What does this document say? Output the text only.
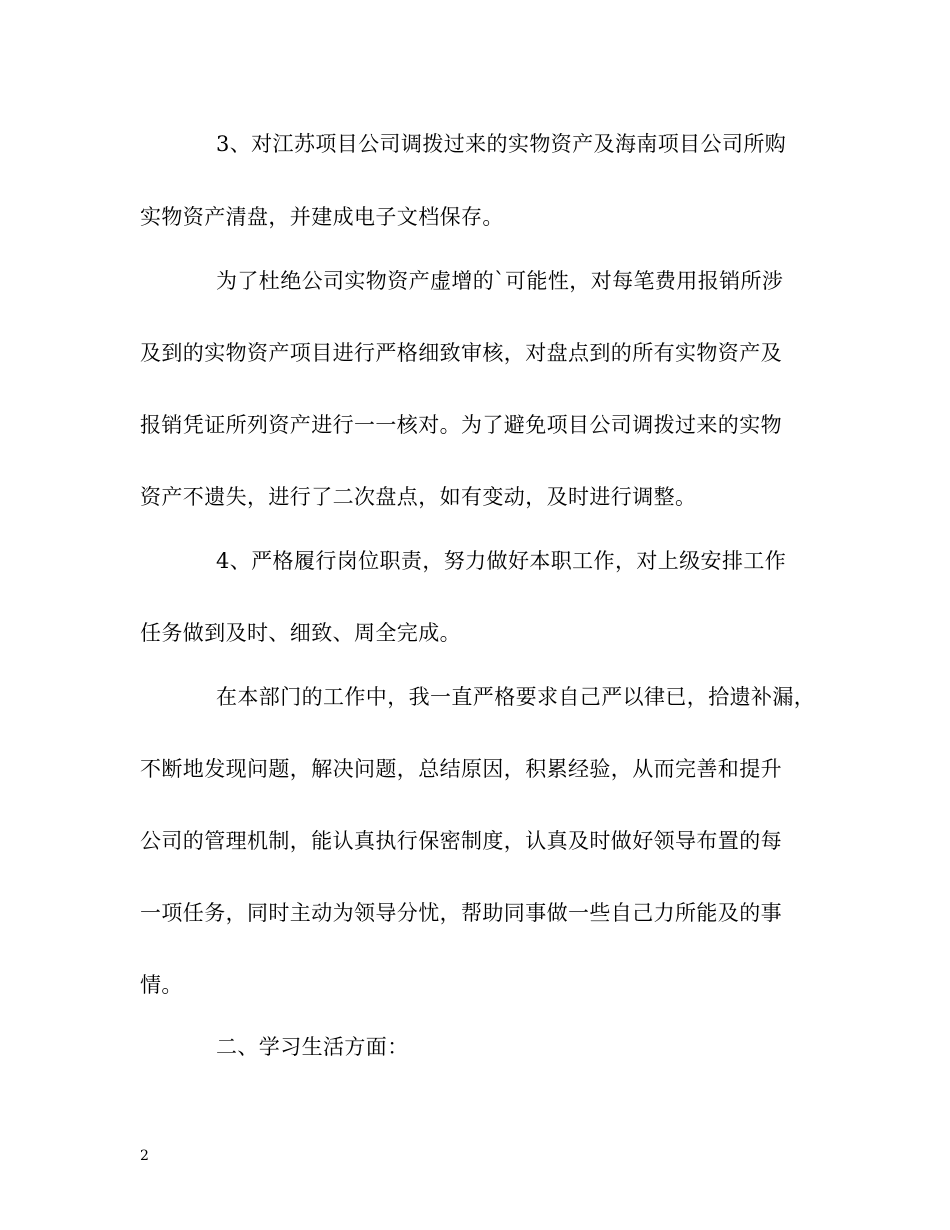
3、对江苏项目公司调拨过来的实物资产及海南项目公司所购
实物资产清盘，并建成电子文档保存。
为了杜绝公司实物资产虚增的`可能性，对每笔费用报销所涉
及到的实物资产项目进行严格细致审核，对盘点到的所有实物资产及
报销凭证所列资产进行一一核对。为了避免项目公司调拨过来的实物
资产不遗失，进行了二次盘点，如有变动，及时进行调整。
4、严格履行岗位职责，努力做好本职工作，对上级安排工作
任务做到及时、细致、周全完成。
在本部门的工作中，我一直严格要求自己严以律已，拾遗补漏，
不断地发现问题，解决问题，总结原因，积累经验，从而完善和提升
公司的管理机制，能认真执行保密制度，认真及时做好领导布置的每
一项任务，同时主动为领导分忧，帮助同事做一些自己力所能及的事
情。
二、学习生活方面：
2
